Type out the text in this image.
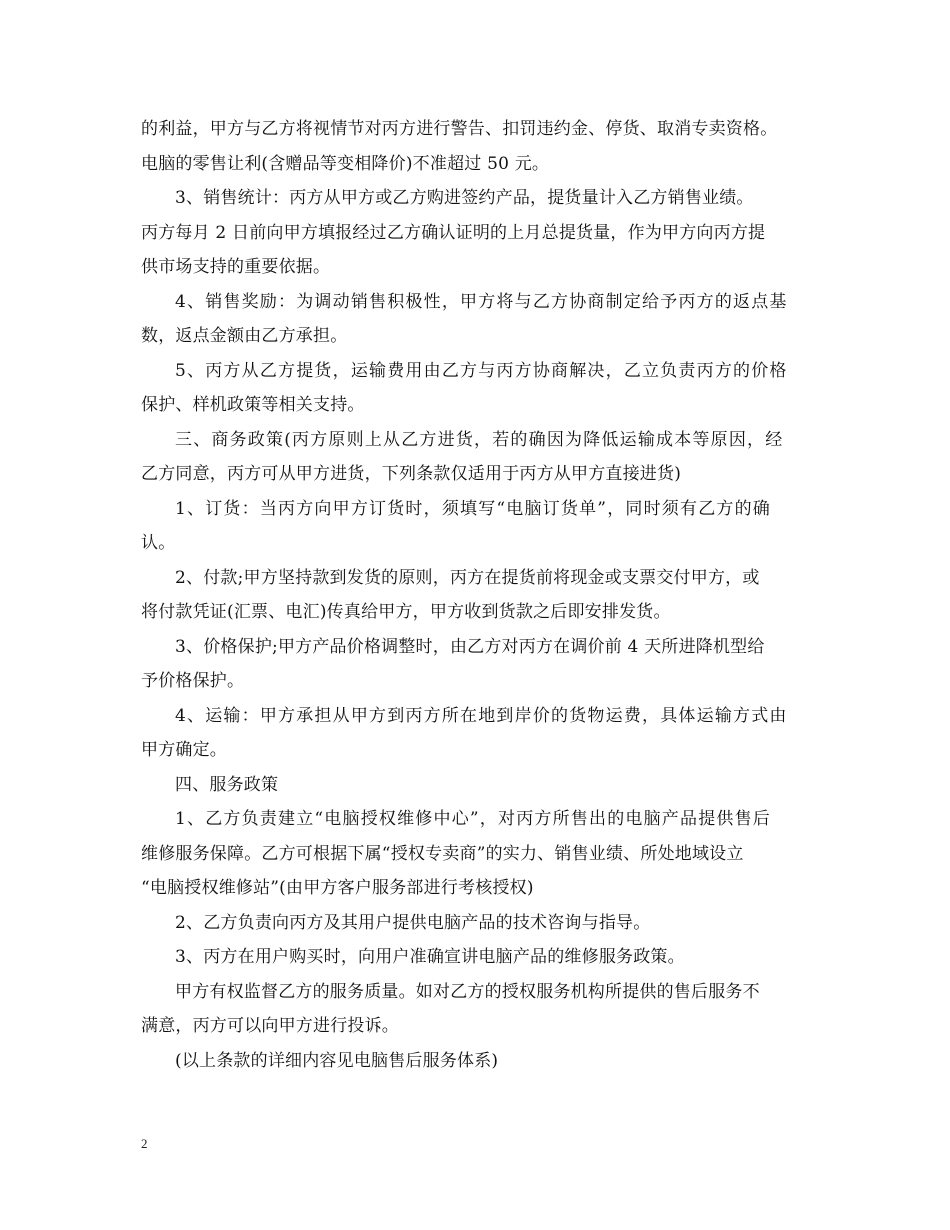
的利益，甲方与乙方将视情节对丙方进行警告、扣罚违约金、停货、取消专卖资格。
电脑的零售让利(含赠品等变相降价)不准超过 50 元。
3、销售统计：丙方从甲方或乙方购进签约产品，提货量计入乙方销售业绩。
丙方每月 2 日前向甲方填报经过乙方确认证明的上月总提货量，作为甲方向丙方提
供市场支持的重要依据。
4、销售奖励：为调动销售积极性，甲方将与乙方协商制定给予丙方的返点基
数，返点金额由乙方承担。
5、丙方从乙方提货，运输费用由乙方与丙方协商解决，乙立负责丙方的价格
保护、样机政策等相关支持。
三、商务政策(丙方原则上从乙方进货，若的确因为降低运输成本等原因，经
乙方同意，丙方可从甲方进货，下列条款仅适用于丙方从甲方直接进货)
1、订货：当丙方向甲方订货时，须填写“电脑订货单”，同时须有乙方的确
认。
2、付款;甲方坚持款到发货的原则，丙方在提货前将现金或支票交付甲方，或
将付款凭证(汇票、电汇)传真给甲方，甲方收到货款之后即安排发货。
3、价格保护;甲方产品价格调整时，由乙方对丙方在调价前 4 天所进降机型给
予价格保护。
4、运输：甲方承担从甲方到丙方所在地到岸价的货物运费，具体运输方式由
甲方确定。
四、服务政策
1、乙方负责建立“电脑授权维修中心”，对丙方所售出的电脑产品提供售后
维修服务保障。乙方可根据下属“授权专卖商”的实力、销售业绩、所处地域设立
“电脑授权维修站”(由甲方客户服务部进行考核授权)
2、乙方负责向丙方及其用户提供电脑产品的技术咨询与指导。
3、丙方在用户购买时，向用户准确宣讲电脑产品的维修服务政策。
甲方有权监督乙方的服务质量。如对乙方的授权服务机构所提供的售后服务不
满意，丙方可以向甲方进行投诉。
(以上条款的详细内容见电脑售后服务体系)
2
